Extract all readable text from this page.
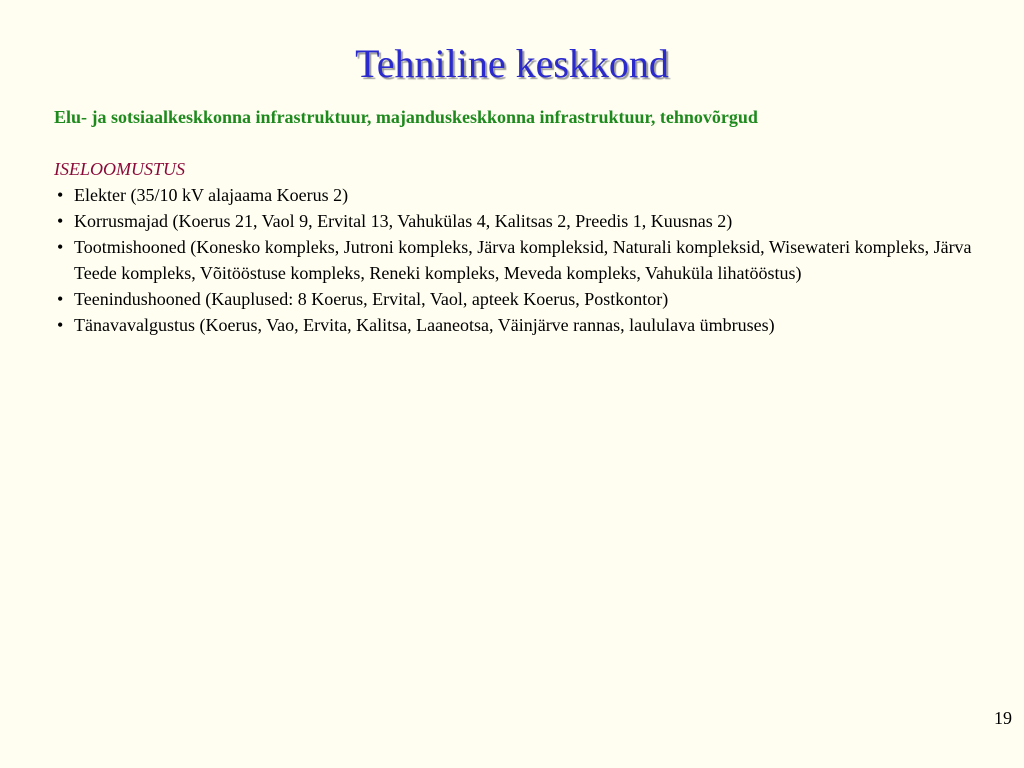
Tehniline keskkond

Elu- ja sotsiaalkeskkonna infrastruktuur, majanduskeskkonna infrastruktuur, tehnovõrgud

ISELOOMUSTUS

• Elekter (35/10 kV alajaama Koerus 2)
• Korrusmajad (Koerus 21, Vaol 9, Ervital 13, Vahukülas 4, Kalitsas 2, Preedis 1, Kuusnas 2)
• Tootmishooned (Konesko kompleks, Jutroni kompleks, Järva kompleksid, Naturali kompleksid, Wisewateri kompleks, Järva Teede kompleks, Võitööstuse kompleks, Reneki kompleks, Meveda kompleks, Vahuküla lihatööstus)
• Teenindushooned (Kauplused: 8 Koerus, Ervital, Vaol, apteek Koerus, Postkontor)
• Tänavavalgustus (Koerus, Vao, Ervita, Kalitsa, Laaneotsa, Väinjärve rannas, laululava ümbruses)
19
